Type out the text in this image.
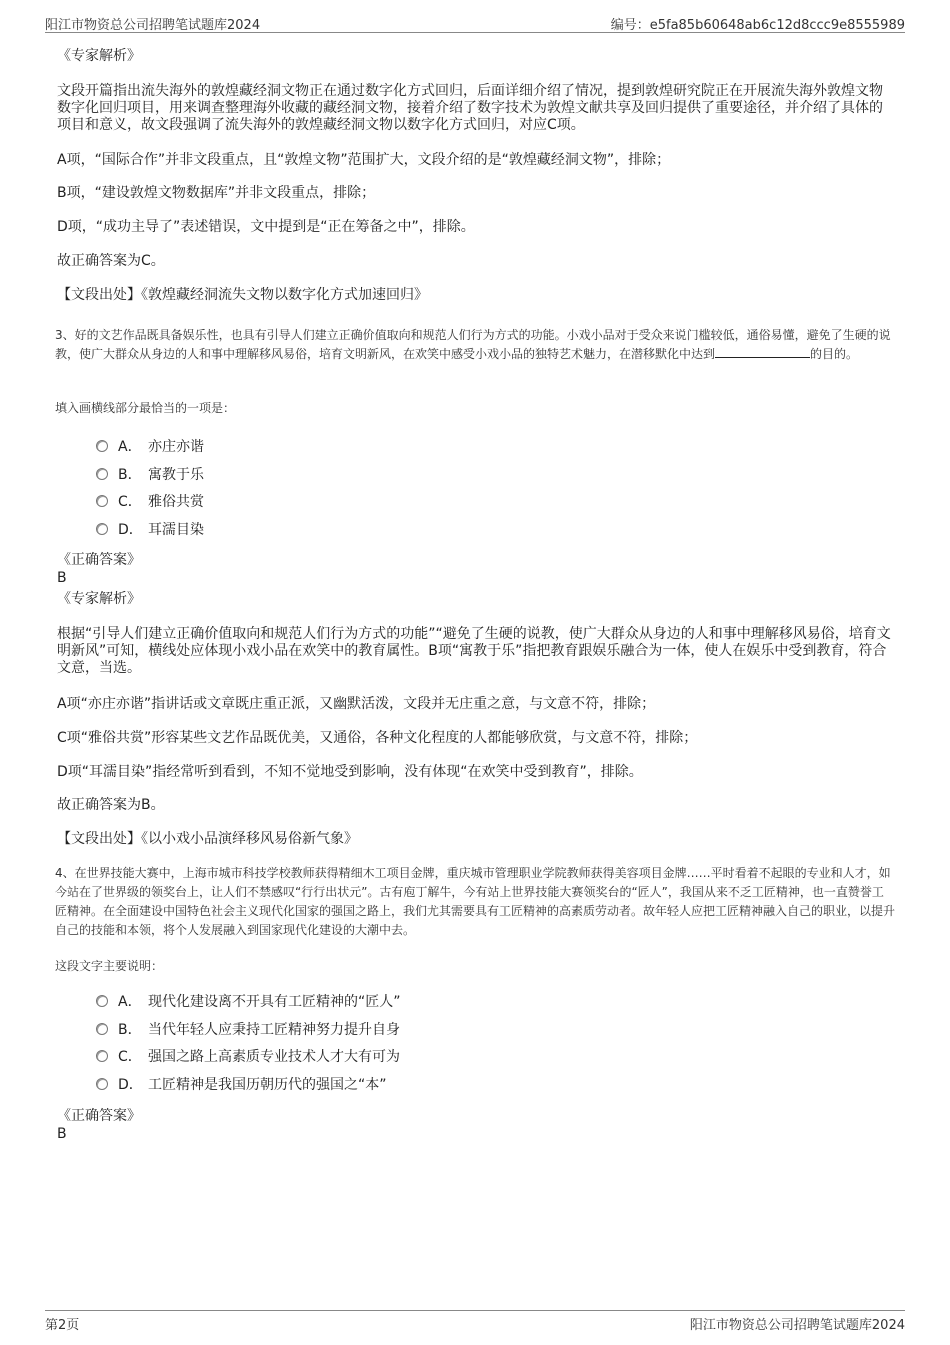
阳江市物资总公司招聘笔试题库2024	编号：e5fa85b60648ab6c12d8ccc9e8555989

《专家解析》

文段开篇指出流失海外的敦煌藏经洞文物正在通过数字化方式回归，后面详细介绍了情况，提到敦煌研究院正在开展流失海外敦煌文物数字化回归项目，用来调查整理海外收藏的藏经洞文物，接着介绍了数字技术为敦煌文献共享及回归提供了重要途径，并介绍了具体的项目和意义，故文段强调了流失海外的敦煌藏经洞文物以数字化方式回归，对应C项。

A项，“国际合作”并非文段重点，且“敦煌文物”范围扩大，文段介绍的是“敦煌藏经洞文物”，排除；

B项，“建设敦煌文物数据库”并非文段重点，排除；

D项，“成功主导了”表述错误，文中提到是“正在筹备之中”，排除。

故正确答案为C。

【文段出处】《敦煌藏经洞流失文物以数字化方式加速回归》

3、好的文艺作品既具备娱乐性，也具有引导人们建立正确价值取向和规范人们行为方式的功能。小戏小品对于受众来说门槛较低，通俗易懂，避免了生硬的说教，使广大群众从身边的人和事中理解移风易俗，培育文明新风，在欢笑中感受小戏小品的独特艺术魅力，在潜移默化中达到	的目的。

填入画横线部分最恰当的一项是：

A． 亦庄亦谐
B． 寓教于乐
C． 雅俗共赏
D． 耳濡目染

《正确答案》

B

《专家解析》

根据“引导人们建立正确价值取向和规范人们行为方式的功能”“避免了生硬的说教，使广大群众从身边的人和事中理解移风易俗，培育文明新风”可知，横线处应体现小戏小品在欢笑中的教育属性。B项“寓教于乐”指把教育跟娱乐融合为一体，使人在娱乐中受到教育，符合文意，当选。

A项“亦庄亦谐”指讲话或文章既庄重正派，又幽默活泼，文段并无庄重之意，与文意不符，排除；

C项“雅俗共赏”形容某些文艺作品既优美，又通俗，各种文化程度的人都能够欣赏，与文意不符，排除；

D项“耳濡目染”指经常听到看到，不知不觉地受到影响，没有体现“在欢笑中受到教育”，排除。

故正确答案为B。

【文段出处】《以小戏小品演绎移风易俗新气象》

4、在世界技能大赛中，上海市城市科技学校教师获得精细木工项目金牌，重庆城市管理职业学院教师获得美容项目金牌……平时看着不起眼的专业和人才，如今站在了世界级的领奖台上，让人们不禁感叹“行行出状元”。古有庖丁解牛，今有站上世界技能大赛领奖台的“匠人”，我国从来不乏工匠精神，也一直赞誉工匠精神。在全面建设中国特色社会主义现代化国家的强国之路上，我们尤其需要具有工匠精神的高素质劳动者。故年轻人应把工匠精神融入自己的职业，以提升自己的技能和本领，将个人发展融入到国家现代化建设的大潮中去。

这段文字主要说明：

A． 现代化建设离不开具有工匠精神的“匠人”
B． 当代年轻人应秉持工匠精神努力提升自身
C． 强国之路上高素质专业技术人才大有可为
D． 工匠精神是我国历朝历代的强国之“本”

《正确答案》

B

第2页	阳江市物资总公司招聘笔试题库2024
